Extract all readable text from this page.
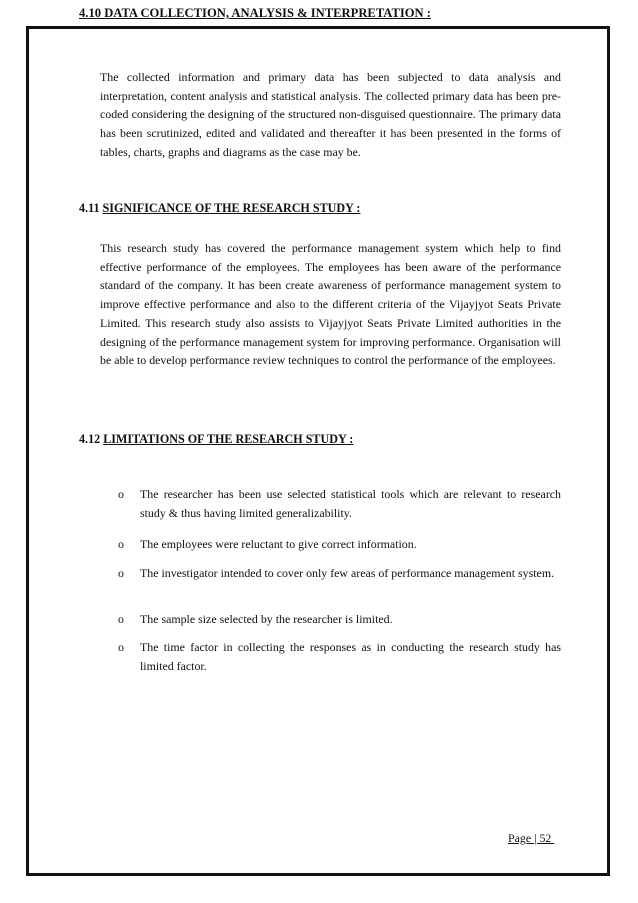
4.10 DATA COLLECTION, ANALYSIS & INTERPRETATION :

The collected information and primary data has been subjected to data analysis and interpretation, content analysis and statistical analysis. The collected primary data has been pre-coded considering the designing of the structured non-disguised questionnaire. The primary data has been scrutinized, edited and validated and thereafter it has been presented in the forms of tables, charts, graphs and diagrams as the case may be.

4.11 SIGNIFICANCE OF THE RESEARCH STUDY :

This research study has covered the performance management system which help to find effective performance of the employees. The employees has been aware of the performance standard of the company. It has been create awareness of performance management system to improve effective performance and also to the different criteria of the Vijayjyot Seats Private Limited. This research study also assists to Vijayjyot Seats Private Limited authorities in the designing of the performance management system for improving performance. Organisation will be able to develop performance review techniques to control the performance of the employees.

4.12 LIMITATIONS OF THE RESEARCH STUDY :
o The researcher has been use selected statistical tools which are relevant to research study & thus having limited generalizability.

o The employees were reluctant to give correct information.

o The investigator intended to cover only few areas of performance management system.

o The sample size selected by the researcher is limited.

o The time factor in collecting the responses as in conducting the research study has limited factor.

Page | 52
